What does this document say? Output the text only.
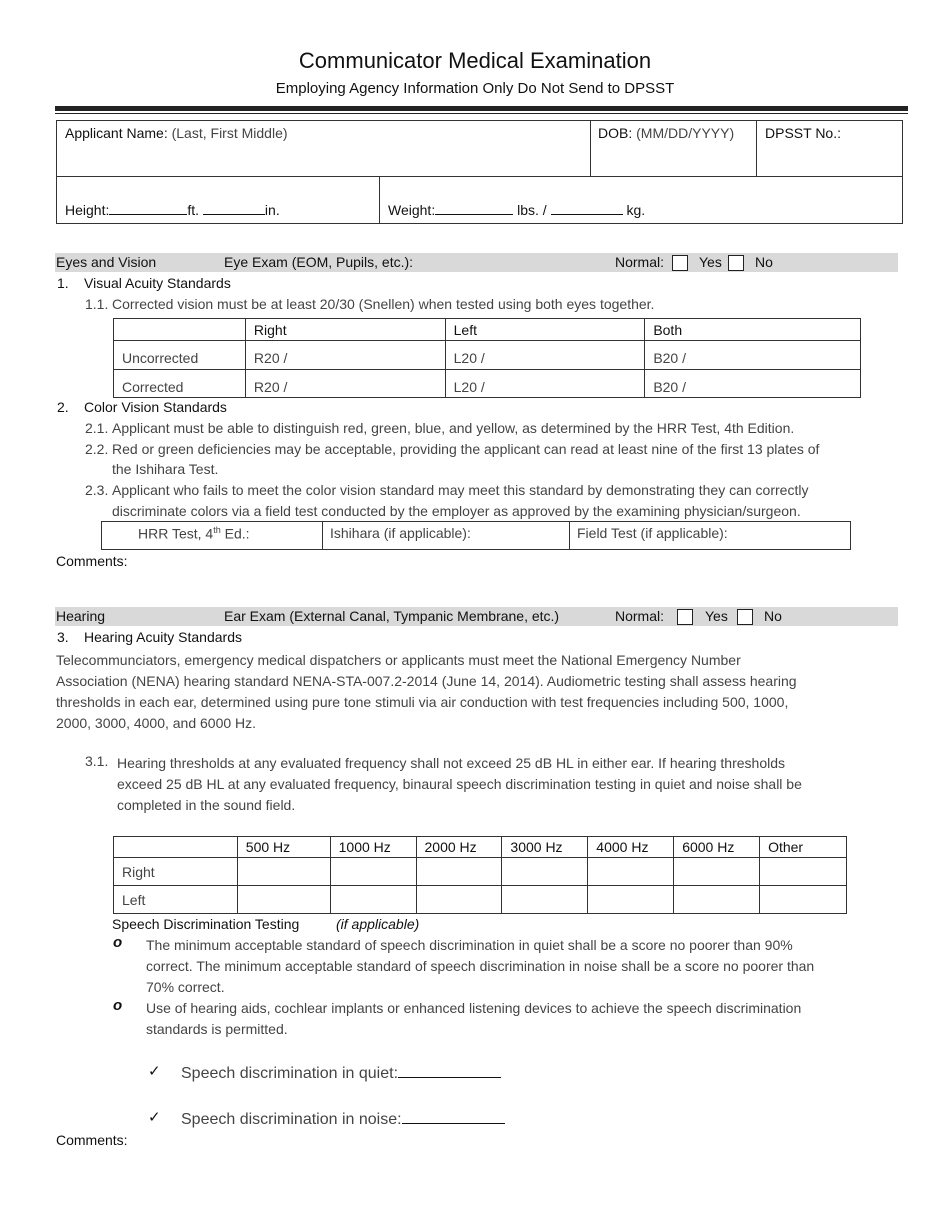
Communicator Medical Examination
Employing Agency Information Only Do Not Send to DPSST
Applicant Name: (Last, First Middle)	DOB: (MM/DD/YYYY) DPSST No.:
Height:	ft.	in.	Weight:	lbs. /	kg.
Eyes and Vision	Eye Exam (EOM, Pupils, etc.):	Normal: Yes No
1. Visual Acuity Standards
1.1. Corrected vision must be at least 20/30 (Snellen) when tested using both eyes together.
	Right	Left	Both
Uncorrected	R20 /	L20 /	B20 /
Corrected	R20 /	L20 /	B20 /
2. Color Vision Standards
2.1. Applicant must be able to distinguish red, green, blue, and yellow, as determined by the HRR Test, 4th Edition.
2.2. Red or green deficiencies may be acceptable, providing the applicant can read at least nine of the first 13 plates of
the Ishihara Test.
2.3. Applicant who fails to meet the color vision standard may meet this standard by demonstrating they can correctly
discriminate colors via a field test conducted by the employer as approved by the examining physician/surgeon.
HRR Test, 4th Ed.:	Ishihara (if applicable):	Field Test (if applicable):
Comments:
Hearing	Ear Exam (External Canal, Tympanic Membrane, etc.)	Normal:	Yes	No
3. Hearing Acuity Standards
Telecommunciators, emergency medical dispatchers or applicants must meet the National Emergency Number
Association (NENA) hearing standard NENA-STA-007.2-2014 (June 14, 2014). Audiometric testing shall assess hearing
thresholds in each ear, determined using pure tone stimuli via air conduction with test frequencies including 500, 1000,
2000, 3000, 4000, and 6000 Hz.
3.1. Hearing thresholds at any evaluated frequency shall not exceed 25 dB HL in either ear. If hearing thresholds
exceed 25 dB HL at any evaluated frequency, binaural speech discrimination testing in quiet and noise shall be
completed in the sound field.
	500 Hz	1000 Hz	2000 Hz	3000 Hz	4000 Hz	6000 Hz	Other
Right							
Left							
Speech Discrimination Testing	(if applicable)
o The minimum acceptable standard of speech discrimination in quiet shall be a score no poorer than 90%
correct. The minimum acceptable standard of speech discrimination in noise shall be a score no poorer than
70% correct.
o Use of hearing aids, cochlear implants or enhanced listening devices to achieve the speech discrimination
standards is permitted.
✓ Speech discrimination in quiet:
✓ Speech discrimination in noise:
Comments:
